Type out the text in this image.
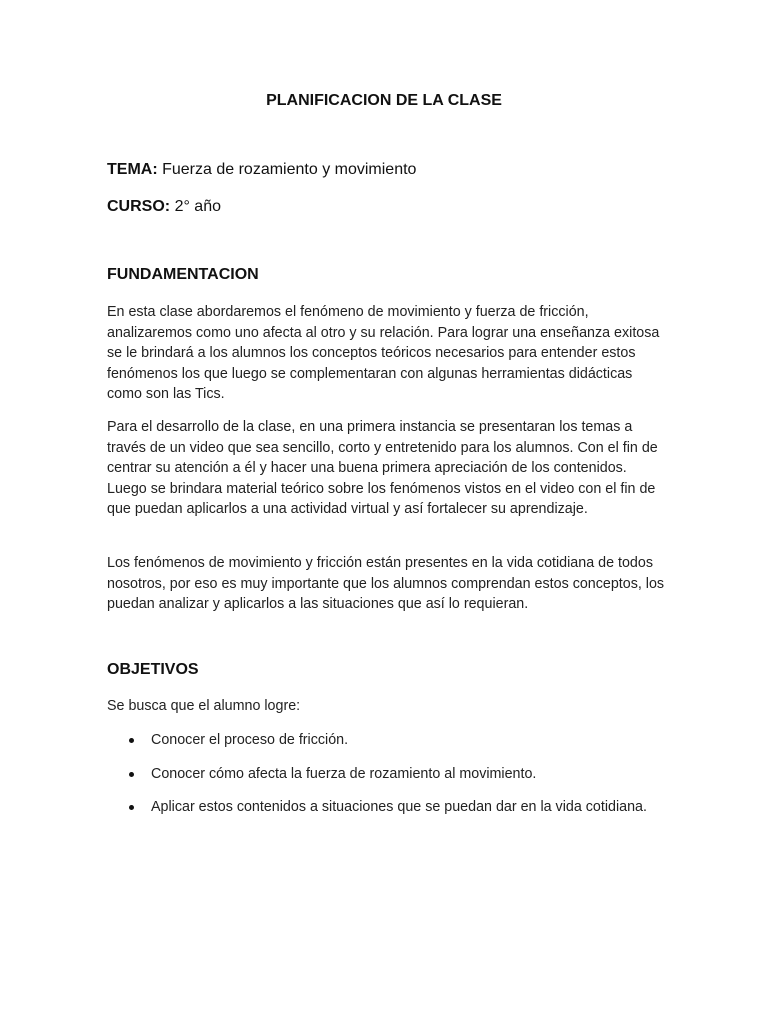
PLANIFICACION DE LA CLASE
TEMA: Fuerza de rozamiento y movimiento
CURSO: 2° año
FUNDAMENTACION

En esta clase abordaremos el fenómeno de movimiento y fuerza de fricción, analizaremos como uno afecta al otro y su relación. Para lograr una enseñanza exitosa se le brindará a los alumnos los conceptos teóricos necesarios para entender estos fenómenos los que luego se complementaran con algunas herramientas didácticas como son las Tics.

Para el desarrollo de la clase, en una primera instancia se presentaran los temas a través de un video que sea sencillo, corto y entretenido para los alumnos. Con el fin de centrar su atención a él y hacer una buena primera apreciación de los contenidos. Luego se brindara material teórico sobre los fenómenos vistos en el video con el fin de que puedan aplicarlos a una actividad virtual y así fortalecer su aprendizaje.

Los fenómenos de movimiento y fricción están presentes en la vida cotidiana de todos nosotros, por eso es muy importante que los alumnos comprendan estos conceptos, los puedan analizar y aplicarlos a las situaciones que así lo requieran.

OBJETIVOS

Se busca que el alumno logre:

Conocer el proceso de fricción.
Conocer cómo afecta la fuerza de rozamiento al movimiento.
Aplicar estos contenidos a situaciones que se puedan dar en la vida cotidiana.
